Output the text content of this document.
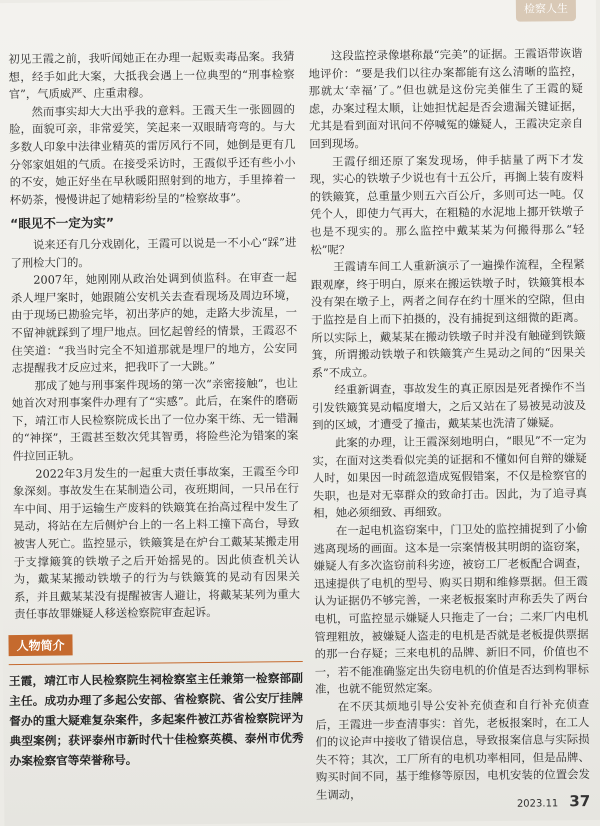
检察人生

初见王霞之前，我听闻她正在办理一起贩卖毒品案。我猜想，经手如此大案，大抵我会遇上一位典型的“刑事检察官”，气质威严、庄重肃穆。

然而事实却大大出乎我的意料。王霞天生一张圆圆的脸，面貌可亲，非常爱笑，笑起来一双眼睛弯弯的。与大多数人印象中法律业精英的雷厉风行不同，她倒是更有几分邻家姐姐的气质。在接受采访时，王霞似乎还有些小小的不安，她正好坐在早秋暖阳照射到的地方，手里捧着一杯奶茶，慢慢讲起了她精彩纷呈的“检察故事”。

“眼见不一定为实”

说来还有几分戏剧化，王霞可以说是一不小心“踩”进了刑检大门的。

2007年，她刚刚从政治处调到侦监科。在审查一起杀人埋尸案时，她跟随公安机关去查看现场及周边环境，由于现场已勘验完毕，初出茅庐的她，走路大步流星，一不留神就踩到了埋尸地点。回忆起曾经的情景，王霞忍不住笑道：“我当时完全不知道那就是埋尸的地方，公安同志提醒我才反应过来，把我吓了一大跳。”

那成了她与刑事案件现场的第一次“亲密接触”，也让她首次对刑事案件办理有了“实感”。此后，在案件的磨砺下，靖江市人民检察院成长出了一位办案干练、无一错漏的“神探”，王霞甚至数次凭其智勇，将险些沦为错案的案件拉回正轨。

2022年3月发生的一起重大责任事故案，王霞至今印象深刻。事故发生在某制造公司，夜班期间，一只吊在行车中间、用于运输生产废料的铁簸箕在抬高过程中发生了晃动，将站在左后侧炉台上的一名上料工撞下高台，导致被害人死亡。监控显示，铁簸箕是在炉台工戴某某搬走用于支撑簸箕的铁墩子之后开始摇晃的。因此侦查机关认为，戴某某搬动铁墩子的行为与铁簸箕的晃动有因果关系，并且戴某某没有提醒被害人避让，将戴某某列为重大责任事故罪嫌疑人移送检察院审查起诉。

这段监控录像堪称最“完美”的证据。王霞语带诙谐地评价：“要是我们以往办案都能有这么清晰的监控，那就太‘幸福’了。”但也就是这份完美催生了王霞的疑虑，办案过程太顺，让她担忧起是否会遗漏关键证据，尤其是看到面对讯问不停喊冤的嫌疑人，王霞决定亲自回到现场。

王霞仔细还原了案发现场，伸手掂量了两下才发现，实心的铁墩子少说也有十五公斤，再搁上装有废料的铁簸箕，总重量少则五六百公斤，多则可达一吨。仅凭个人，即使力气再大，在粗糙的水泥地上挪开铁墩子也是不现实的。那么监控中戴某某为何搬得那么“轻松”呢？

王霞请车间工人重新演示了一遍操作流程，全程紧跟观摩，终于明白，原来在搬运铁墩子时，铁簸箕根本没有架在墩子上，两者之间存在约十厘米的空隙，但由于监控是自上而下拍摄的，没有捕捉到这细微的距离。所以实际上，戴某某在搬动铁墩子时并没有触碰到铁簸箕，所谓搬动铁墩子和铁簸箕产生晃动之间的“因果关系”不成立。

经重新调查，事故发生的真正原因是死者操作不当引发铁簸箕晃动幅度增大，之后又站在了易被晃动波及到的区域，才遭受了撞击，戴某某也洗清了嫌疑。

此案的办理，让王霞深刻地明白，“眼见”不一定为实，在面对这类看似完美的证据和不懂如何自辩的嫌疑人时，如果因一时疏忽造成冤假错案，不仅是检察官的失职，也是对无辜群众的致命打击。因此，为了追寻真相，她必须细致、再细致。

在一起电机盗窃案中，门卫处的监控捕捉到了小偷逃离现场的画面。这本是一宗案情极其明朗的盗窃案，嫌疑人有多次盗窃前科劣迹，被窃工厂老板配合调查，迅速提供了电机的型号、购买日期和维修票据。但王霞认为证据仍不够完善，一来老板报案时声称丢失了两台电机，可监控显示嫌疑人只拖走了一台；二来厂内电机管理粗放，被嫌疑人盗走的电机是否就是老板提供票据的那一台存疑；三来电机的品牌、新旧不同，价值也不一，若不能准确鉴定出失窃电机的价值是否达到构罪标准，也就不能贸然定案。

在不厌其烦地引导公安补充侦查和自行补充侦查后，王霞进一步查清事实：首先，老板报案时，在工人们的议论声中接收了错误信息，导致报案信息与实际损失不符；其次，工厂所有的电机功率相同，但是品牌、购买时间不同，基于维修等原因，电机安装的位置会发生调动，

人物简介
王霞，靖江市人民检察院生祠检察室主任兼第一检察部副主任。成功办理了多起公安部、省检察院、省公安厅挂牌督办的重大疑难复杂案件，多起案件被江苏省检察院评为典型案例；获评泰州市新时代十佳检察英模、泰州市优秀办案检察官等荣誉称号。
2023.11 37
